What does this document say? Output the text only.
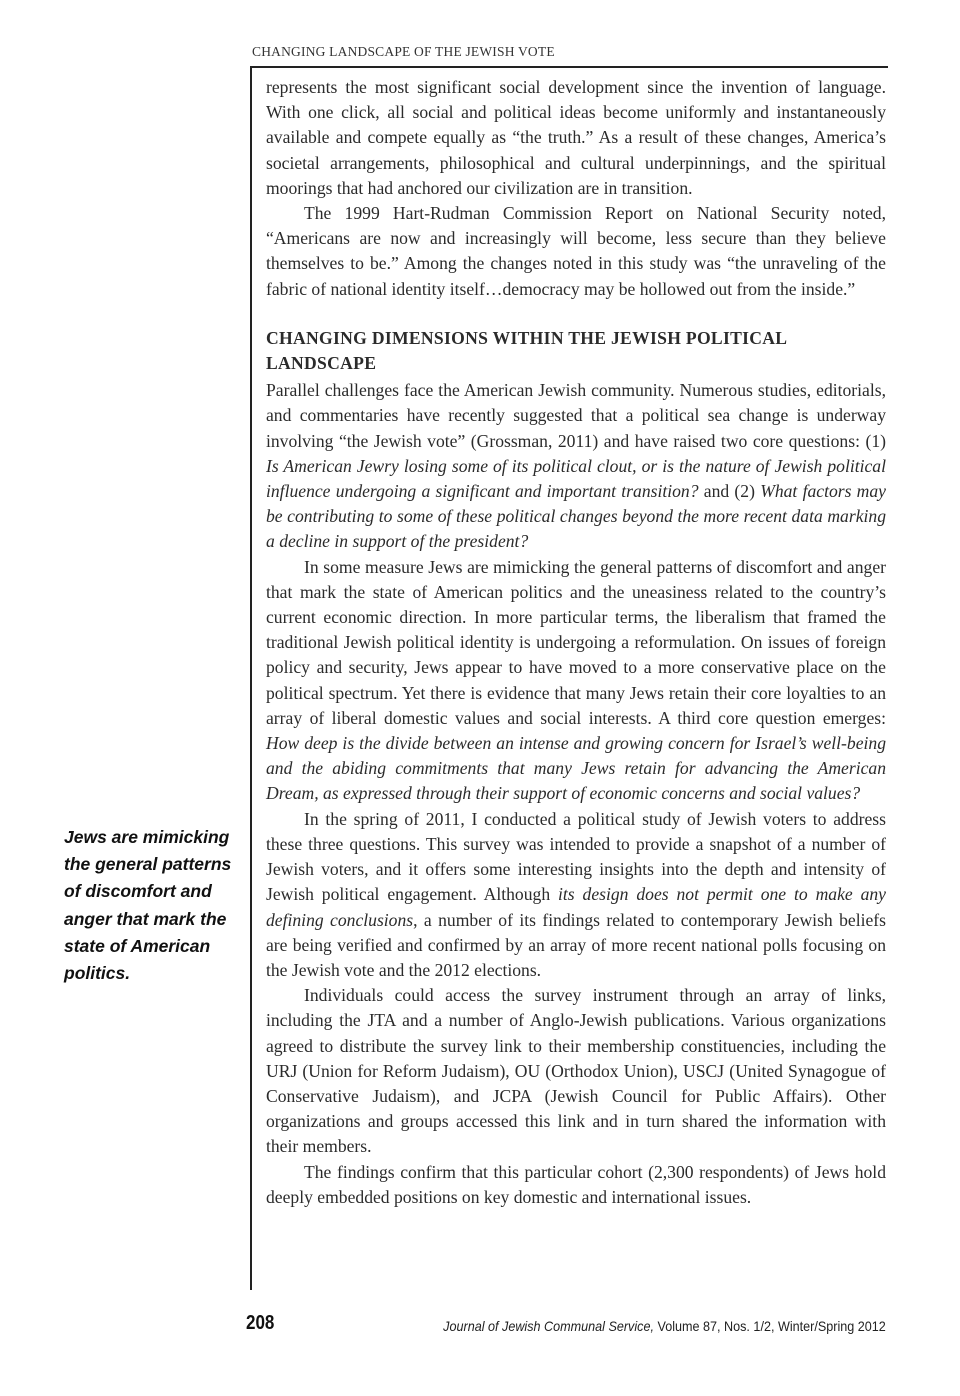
CHANGING LANDSCAPE OF THE JEWISH VOTE

represents the most significant social development since the invention of language. With one click, all social and political ideas become uniformly and instantaneously available and compete equally as “the truth.” As a result of these changes, America’s societal arrangements, philosophical and cultural underpinnings, and the spiritual moorings that had anchored our civilization are in transition.

The 1999 Hart-Rudman Commission Report on National Security noted, “Americans are now and increasingly will become, less secure than they believe themselves to be.” Among the changes noted in this study was “the unraveling of the fabric of national identity itself…democracy may be hollowed out from the inside.”

CHANGING DIMENSIONS WITHIN THE JEWISH POLITICAL LANDSCAPE

Parallel challenges face the American Jewish community. Numerous studies, editorials, and commentaries have recently suggested that a political sea change is underway involving “the Jewish vote” (Grossman, 2011) and have raised two core questions: (1) Is American Jewry losing some of its political clout, or is the nature of Jewish political influence undergoing a significant and important transition? and (2) What factors may be contributing to some of these political changes beyond the more recent data marking a decline in support of the president?

In some measure Jews are mimicking the general patterns of discomfort and anger that mark the state of American politics and the uneasiness related to the country’s current economic direction. In more particular terms, the liberalism that framed the traditional Jewish political identity is undergoing a reformulation. On issues of foreign policy and security, Jews appear to have moved to a more conservative place on the political spectrum. Yet there is evidence that many Jews retain their core loyalties to an array of liberal domestic values and social interests. A third core question emerges: How deep is the divide between an intense and growing concern for Israel’s well-being and the abiding commitments that many Jews retain for advancing the American Dream, as expressed through their support of economic concerns and social values?

In the spring of 2011, I conducted a political study of Jewish voters to address these three questions. This survey was intended to provide a snapshot of a number of Jewish voters, and it offers some interesting insights into the depth and intensity of Jewish political engagement. Although its design does not permit one to make any defining conclusions, a number of its findings related to contemporary Jewish beliefs are being verified and confirmed by an array of more recent national polls focusing on the Jewish vote and the 2012 elections.

Individuals could access the survey instrument through an array of links, including the JTA and a number of Anglo-Jewish publications. Various organizations agreed to distribute the survey link to their membership constituencies, including the URJ (Union for Reform Judaism), OU (Orthodox Union), USCJ (United Synagogue of Conservative Judaism), and JCPA (Jewish Council for Public Affairs). Other organizations and groups accessed this link and in turn shared the information with their members.

The findings confirm that this particular cohort (2,300 respondents) of Jews hold deeply embedded positions on key domestic and international issues.

Jews are mimicking the general patterns of discomfort and anger that mark the state of American politics.
208	Journal of Jewish Communal Service, Volume 87, Nos. 1/2, Winter/Spring 2012
